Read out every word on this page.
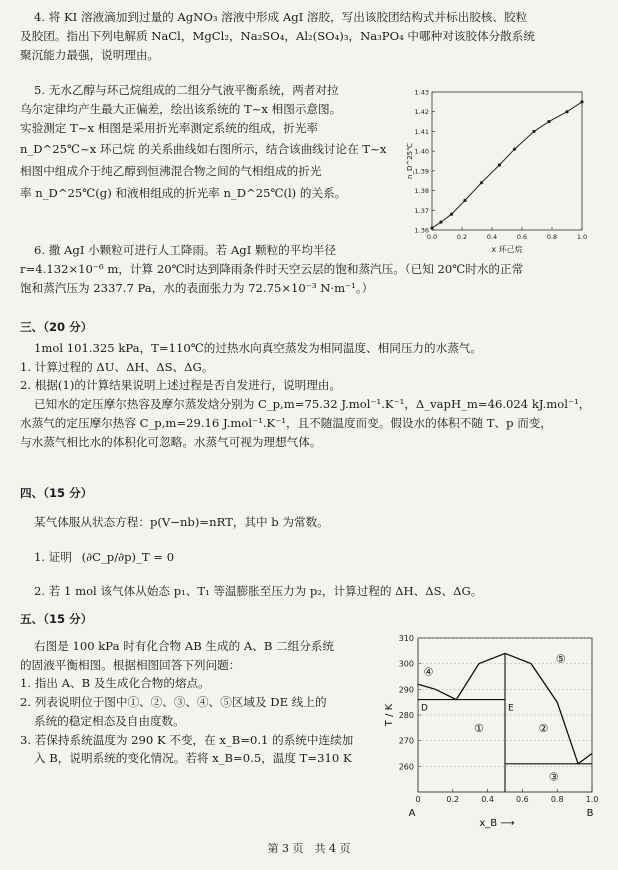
4. 将 KI 溶液滴加到过量的 AgNO₃ 溶液中形成 AgI 溶胶，写出该胶团结构式并标出胶核、胶粒
及胶团。指出下列电解质 NaCl，MgCl₂，Na₂SO₄，Al₂(SO₄)₃，Na₃PO₄ 中哪种对该胶体分散系统
聚沉能力最强，说明理由。
5. 无水乙醇与环己烷组成的二组分气液平衡系统，两者对拉
乌尔定律均产生最大正偏差，绘出该系统的 T~x 相图示意图。
实验测定 T~x 相图是采用折光率测定系统的组成，折光率
n_D^25℃~x 环己烷 的关系曲线如右图所示，结合该曲线讨论在 T~x
相图中组成介于纯乙醇到恒沸混合物之间的气相组成的折光
率 n_D^25℃(g) 和液相组成的折光率 n_D^25℃(l) 的关系。
1.36
1.37
1.38
1.39
1.40
1.41
1.42
1.43
0.0	0.2	0.4	0.6	0.8	1.0
x 环己烷
n_D^25℃
6. 撒 AgI 小颗粒可进行人工降雨。若 AgI 颗粒的平均半径
r=4.132×10⁻⁶ m，计算 20℃时达到降雨条件时天空云层的饱和蒸汽压。（已知 20℃时水的正常
饱和蒸汽压为 2337.7 Pa，水的表面张力为 72.75×10⁻³ N·m⁻¹。）
三、（20 分）
1mol 101.325 kPa，T=110℃的过热水向真空蒸发为相同温度、相同压力的水蒸气。
1. 计算过程的 ΔU、ΔH、ΔS、ΔG。
2. 根据(1)的计算结果说明上述过程是否自发进行，说明理由。
已知水的定压摩尔热容及摩尔蒸发焓分别为 C_p,m=75.32 J.mol⁻¹.K⁻¹，Δ_vapH_m=46.024 kJ.mol⁻¹，
水蒸气的定压摩尔热容 C_p,m=29.16 J.mol⁻¹.K⁻¹，且不随温度而变。假设水的体积不随 T、p 而变，
与水蒸气相比水的体积化可忽略。水蒸气可视为理想气体。
四、（15 分）
某气体服从状态方程：p(V−nb)=nRT，其中 b 为常数。
1. 证明 (∂C_p/∂p)_T = 0
2. 若 1 mol 该气体从始态 p₁、T₁ 等温膨胀至压力为 p₂，计算过程的 ΔH、ΔS、ΔG。
五、（15 分）
右图是 100 kPa 时有化合物 AB 生成的 A、B 二组分系统
的固液平衡相图。根据相图回答下列问题：
1. 指出 A、B 及生成化合物的熔点。
2. 列表说明位于图中①、②、③、④、⑤区域及 DE 线上的
系统的稳定相态及自由度数。
3. 若保持系统温度为 290 K 不变，在 x_B=0.1 的系统中连续加
入 B，说明系统的变化情况。若将 x_B=0.5，温度 T=310 K
260
270
280
290
300
310
0	0.2	0.4	0.6	0.8	1.0
D	E
①	②
③
④
⑤
T / K
A	B
x_B ⟶
第 3 页　共 4 页
